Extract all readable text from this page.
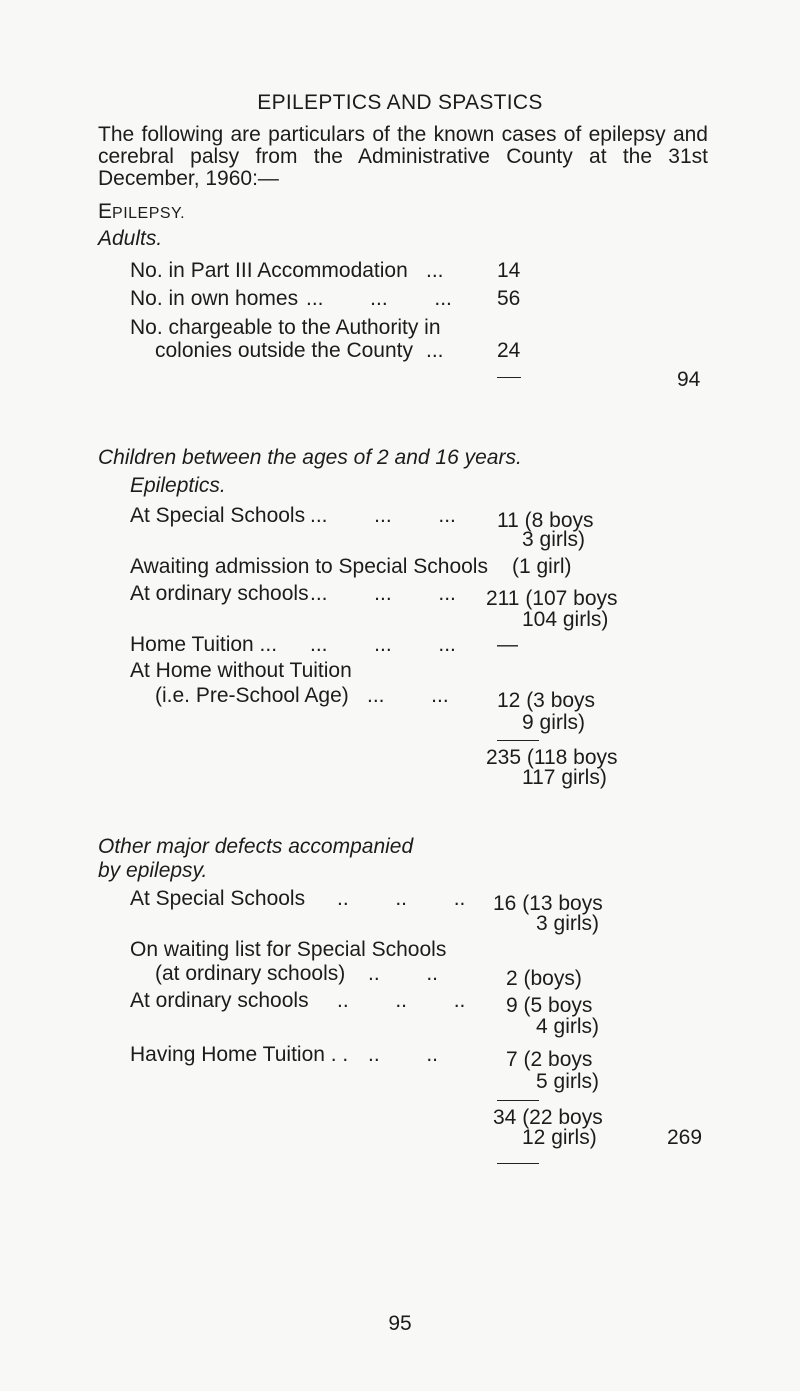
EPILEPTICS AND SPASTICS
The following are particulars of the known cases of epilepsy and cerebral palsy from the Administrative County at the 31st December, 1960:—
EPILEPSY.
Adults.
No. in Part III Accommodation ...	14
No. in own homes ...        ...        ... 56
No. chargeable to the Authority in
colonies outside the County ...	24
94
Children between the ages of 2 and 16 years.
Epileptics.
At Special Schools ...        ...        ... 11 (8 boys
3 girls)
Awaiting admission to Special Schools (1 girl)
At ordinary schools ...        ...        ... 211 (107 boys
104 girls)
Home Tuition ... ...        ...        ... —
At Home without Tuition
(i.e. Pre-School Age) ...        ... 12 (3 boys
9 girls)
235 (118 boys
117 girls)
Other major defects accompanied
by epilepsy.
At Special Schools ..        ..        .. 16 (13 boys
3 girls)
On waiting list for Special Schools
(at ordinary schools) ..        ..	2 (boys)
At ordinary schools ..        ..        .. 9 (5 boys
4 girls)
Having Home Tuition . . ..        ..	7 (2 boys
5 girls)
34 (22 boys
12 girls)	269
95
